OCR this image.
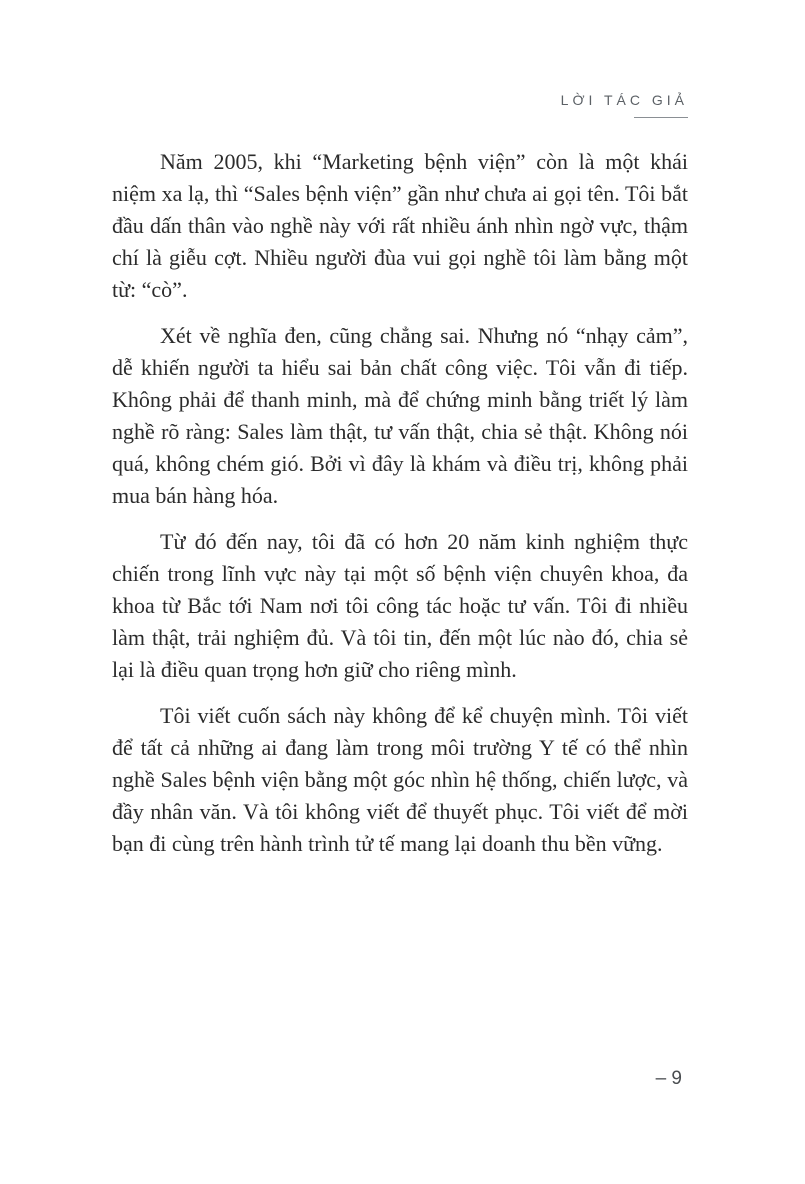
LỜI TÁC GIẢ

Năm 2005, khi “Marketing bệnh viện” còn là một khái niệm xa lạ, thì “Sales bệnh viện” gần như chưa ai gọi tên. Tôi bắt đầu dấn thân vào nghề này với rất nhiều ánh nhìn ngờ vực, thậm chí là giễu cợt. Nhiều người đùa vui gọi nghề tôi làm bằng một từ: “cò”.

Xét về nghĩa đen, cũng chẳng sai. Nhưng nó “nhạy cảm”, dễ khiến người ta hiểu sai bản chất công việc. Tôi vẫn đi tiếp. Không phải để thanh minh, mà để chứng minh bằng triết lý làm nghề rõ ràng: Sales làm thật, tư vấn thật, chia sẻ thật. Không nói quá, không chém gió. Bởi vì đây là khám và điều trị, không phải mua bán hàng hóa.

Từ đó đến nay, tôi đã có hơn 20 năm kinh nghiệm thực chiến trong lĩnh vực này tại một số bệnh viện chuyên khoa, đa khoa từ Bắc tới Nam nơi tôi công tác hoặc tư vấn. Tôi đi nhiều làm thật, trải nghiệm đủ. Và tôi tin, đến một lúc nào đó, chia sẻ lại là điều quan trọng hơn giữ cho riêng mình.

Tôi viết cuốn sách này không để kể chuyện mình. Tôi viết để tất cả những ai đang làm trong môi trường Y tế có thể nhìn nghề Sales bệnh viện bằng một góc nhìn hệ thống, chiến lược, và đầy nhân văn. Và tôi không viết để thuyết phục. Tôi viết để mời bạn đi cùng trên hành trình tử tế mang lại doanh thu bền vững.

– 9
